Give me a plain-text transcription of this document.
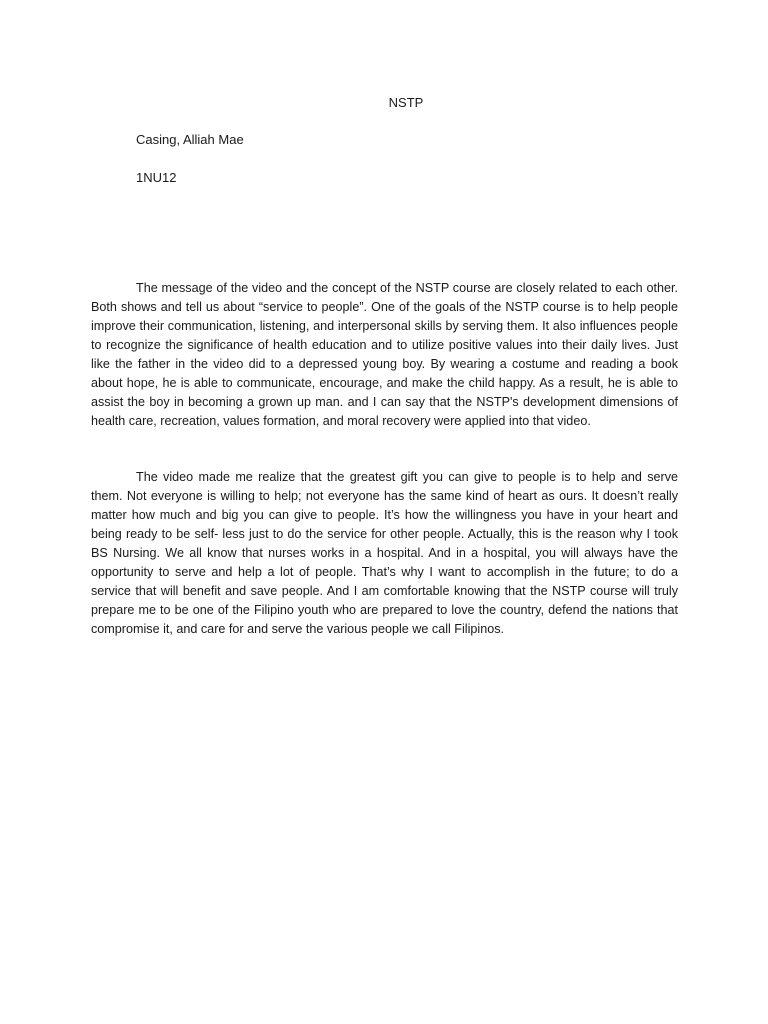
NSTP
Casing, Alliah Mae
1NU12

The message of the video and the concept of the NSTP course are closely related to each other. Both shows and tell us about “service to people”. One of the goals of the NSTP course is to help people improve their communication, listening, and interpersonal skills by serving them. It also influences people to recognize the significance of health education and to utilize positive values into their daily lives. Just like the father in the video did to a depressed young boy. By wearing a costume and reading a book about hope, he is able to communicate, encourage, and make the child happy. As a result, he is able to assist the boy in becoming a grown up man. and I can say that the NSTP's development dimensions of health care, recreation, values formation, and moral recovery were applied into that video.

The video made me realize that the greatest gift you can give to people is to help and serve them. Not everyone is willing to help; not everyone has the same kind of heart as ours. It doesn’t really matter how much and big you can give to people. It’s how the willingness you have in your heart and being ready to be self- less just to do the service for other people. Actually, this is the reason why I took BS Nursing. We all know that nurses works in a hospital. And in a hospital, you will always have the opportunity to serve and help a lot of people. That’s why I want to accomplish in the future; to do a service that will benefit and save people. And I am comfortable knowing that the NSTP course will truly prepare me to be one of the Filipino youth who are prepared to love the country, defend the nations that compromise it, and care for and serve the various people we call Filipinos.
